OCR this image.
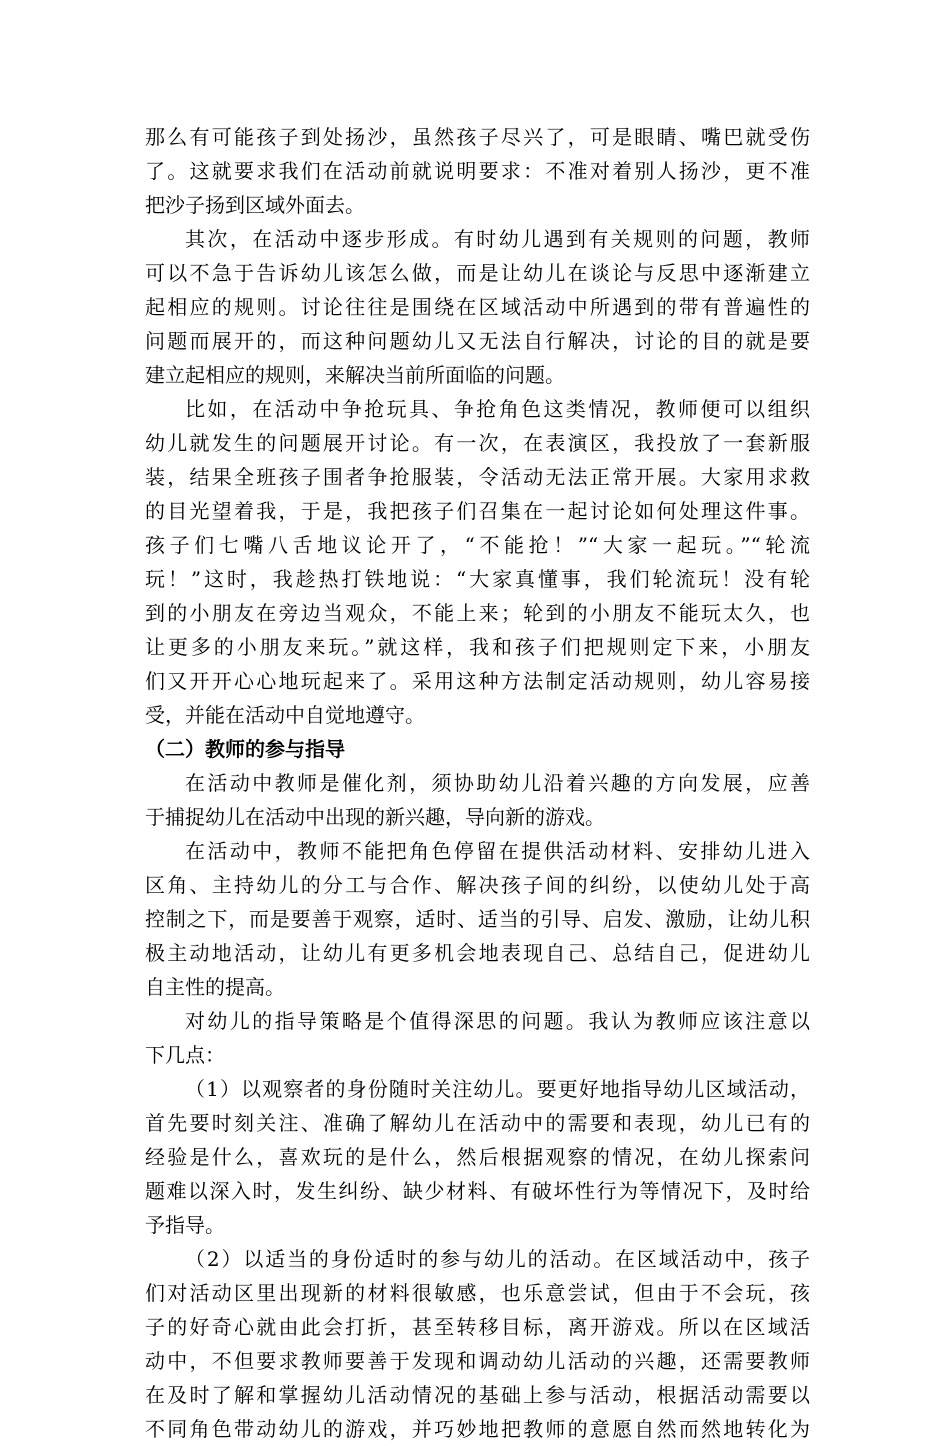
那么有可能孩子到处扬沙，虽然孩子尽兴了，可是眼睛、嘴巴就受伤
了。这就要求我们在活动前就说明要求：不准对着别人扬沙，更不准
把沙子扬到区域外面去。
其次，在活动中逐步形成。有时幼儿遇到有关规则的问题，教师
可以不急于告诉幼儿该怎么做，而是让幼儿在谈论与反思中逐渐建立
起相应的规则。讨论往往是围绕在区域活动中所遇到的带有普遍性的
问题而展开的，而这种问题幼儿又无法自行解决，讨论的目的就是要
建立起相应的规则，来解决当前所面临的问题。
比如，在活动中争抢玩具、争抢角色这类情况，教师便可以组织
幼儿就发生的问题展开讨论。有一次，在表演区，我投放了一套新服
装，结果全班孩子围者争抢服装，令活动无法正常开展。大家用求救
的目光望着我，于是，我把孩子们召集在一起讨论如何处理这件事。
孩子们七嘴八舌地议论开了，“不能抢！”“大家一起玩。”“轮流
玩！”这时，我趁热打铁地说：“大家真懂事，我们轮流玩！没有轮
到的小朋友在旁边当观众，不能上来；轮到的小朋友不能玩太久，也
让更多的小朋友来玩。”就这样，我和孩子们把规则定下来，小朋友
们又开开心心地玩起来了。采用这种方法制定活动规则，幼儿容易接
受，并能在活动中自觉地遵守。
（二）教师的参与指导
在活动中教师是催化剂，须协助幼儿沿着兴趣的方向发展，应善
于捕捉幼儿在活动中出现的新兴趣，导向新的游戏。
在活动中，教师不能把角色停留在提供活动材料、安排幼儿进入
区角、主持幼儿的分工与合作、解决孩子间的纠纷，以使幼儿处于高
控制之下，而是要善于观察，适时、适当的引导、启发、激励，让幼儿积
极主动地活动，让幼儿有更多机会地表现自己、总结自己，促进幼儿
自主性的提高。
对幼儿的指导策略是个值得深思的问题。我认为教师应该注意以
下几点：
（1）以观察者的身份随时关注幼儿。要更好地指导幼儿区域活动，
首先要时刻关注、准确了解幼儿在活动中的需要和表现，幼儿已有的
经验是什么，喜欢玩的是什么，然后根据观察的情况，在幼儿探索问
题难以深入时，发生纠纷、缺少材料、有破坏性行为等情况下，及时给
予指导。
（2）以适当的身份适时的参与幼儿的活动。在区域活动中，孩子
们对活动区里出现新的材料很敏感，也乐意尝试，但由于不会玩，孩
子的好奇心就由此会打折，甚至转移目标，离开游戏。所以在区域活
动中，不但要求教师要善于发现和调动幼儿活动的兴趣，还需要教师
在及时了解和掌握幼儿活动情况的基础上参与活动，根据活动需要以
不同角色带动幼儿的游戏，并巧妙地把教师的意愿自然而然地转化为
